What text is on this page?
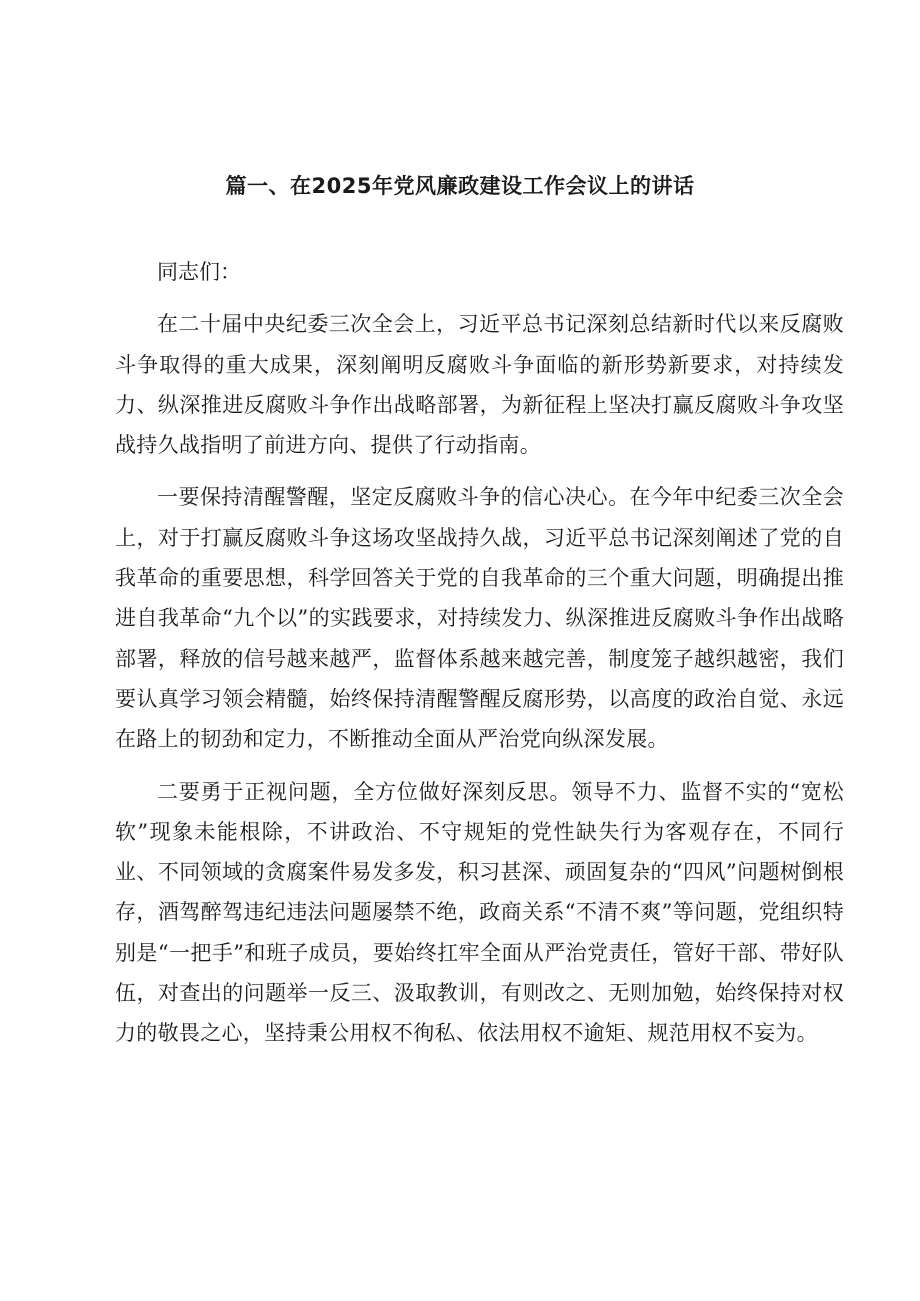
篇一、在2025年党风廉政建设工作会议上的讲话

同志们：

在二十届中央纪委三次全会上，习近平总书记深刻总结新时代以来反腐败斗争取得的重大成果，深刻阐明反腐败斗争面临的新形势新要求，对持续发力、纵深推进反腐败斗争作出战略部署，为新征程上坚决打赢反腐败斗争攻坚战持久战指明了前进方向、提供了行动指南。

一要保持清醒警醒，坚定反腐败斗争的信心决心。在今年中纪委三次全会上，对于打赢反腐败斗争这场攻坚战持久战，习近平总书记深刻阐述了党的自我革命的重要思想，科学回答关于党的自我革命的三个重大问题，明确提出推进自我革命“九个以”的实践要求，对持续发力、纵深推进反腐败斗争作出战略部署，释放的信号越来越严，监督体系越来越完善，制度笼子越织越密，我们要认真学习领会精髓，始终保持清醒警醒反腐形势，以高度的政治自觉、永远在路上的韧劲和定力，不断推动全面从严治党向纵深发展。

二要勇于正视问题，全方位做好深刻反思。领导不力、监督不实的“宽松软”现象未能根除，不讲政治、不守规矩的党性缺失行为客观存在，不同行业、不同领域的贪腐案件易发多发，积习甚深、顽固复杂的“四风”问题树倒根存，酒驾醉驾违纪违法问题屡禁不绝，政商关系“不清不爽”等问题，党组织特别是“一把手”和班子成员，要始终扛牢全面从严治党责任，管好干部、带好队伍，对查出的问题举一反三、汲取教训，有则改之、无则加勉，始终保持对权力的敬畏之心，坚持秉公用权不徇私、依法用权不逾矩、规范用权不妄为。
